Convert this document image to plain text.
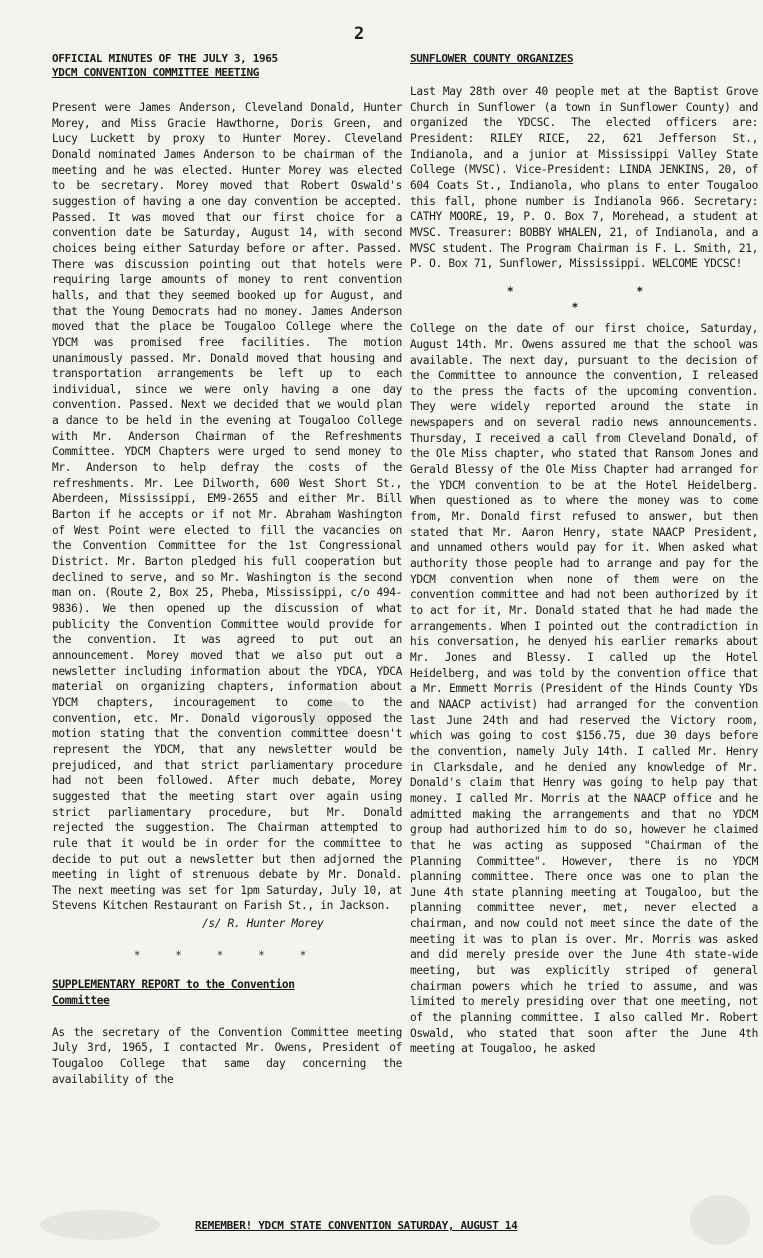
2
OFFICIAL MINUTES OF THE JULY 3, 1965
YDCM CONVENTION COMMITTEE MEETING

Present were James Anderson, Cleveland Donald, Hunter Morey, and Miss Gracie Hawthorne, Doris Green, and Lucy Luckett by proxy to Hunter Morey. Cleveland Donald nominated James Anderson to be chairman of the meeting and he was elected. Hunter Morey was elected to be secretary. Morey moved that Robert Oswald's suggestion of having a one day convention be accepted. Passed. It was moved that our first choice for a convention date be Saturday, August 14, with second choices being either Saturday before or after. Passed. There was discussion pointing out that hotels were requiring large amounts of money to rent convention halls, and that they seemed booked up for August, and that the Young Democrats had no money. James Anderson moved that the place be Tougaloo College where the YDCM was promised free facilities. The motion unanimously passed. Mr. Donald moved that housing and transportation arrangements be left up to each individual, since we were only having a one day convention. Passed. Next we decided that we would plan a dance to be held in the evening at Tougaloo College with Mr. Anderson Chairman of the Refreshments Committee. YDCM Chapters were urged to send money to Mr. Anderson to help defray the costs of the refreshments. Mr. Lee Dilworth, 600 West Short St., Aberdeen, Mississippi, EM9-2655 and either Mr. Bill Barton if he accepts or if not Mr. Abraham Washington of West Point were elected to fill the vacancies on the Convention Committee for the 1st Congressional District. Mr. Barton pledged his full cooperation but declined to serve, and so Mr. Washington is the second man on. (Route 2, Box 25, Pheba, Mississippi, c/o 494-9836). We then opened up the discussion of what publicity the Convention Committee would provide for the convention. It was agreed to put out an announcement. Morey moved that we also put out a newsletter including information about the YDCA, YDCA material on organizing chapters, information about YDCM chapters, incouragement to come to the convention, etc. Mr. Donald vigorously opposed the motion stating that the convention committee doesn't represent the YDCM, that any newsletter would be prejudiced, and that strict parliamentary procedure had not been followed. After much debate, Morey suggested that the meeting start over again using strict parliamentary procedure, but Mr. Donald rejected the suggestion. The Chairman attempted to rule that it would be in order for the committee to decide to put out a newsletter but then adjorned the meeting in light of strenuous debate by Mr. Donald. The next meeting was set for 1pm Saturday, July 10, at Stevens Kitchen Restaurant on Farish St., in Jackson.

/s/ R. Hunter Morey
* * * * *
SUPPLEMENTARY REPORT to the Convention
Committee

As the secretary of the Convention Committee meeting July 3rd, 1965, I contacted Mr. Owens, President of Tougaloo College that same day concerning the availability of the

SUNFLOWER COUNTY ORGANIZES

Last May 28th over 40 people met at the Baptist Grove Church in Sunflower (a town in Sunflower County) and organized the YDCSC. The elected officers are: President: RILEY RICE, 22, 621 Jefferson St., Indianola, and a junior at Mississippi Valley State College (MVSC). Vice-President: LINDA JENKINS, 20, of 604 Coats St., Indianola, who plans to enter Tougaloo this fall, phone number is Indianola 966. Secretary: CATHY MOORE, 19, P. O. Box 7, Morehead, a student at MVSC. Treasurer: BOBBY WHALEN, 21, of Indianola, and a MVSC student. The Program Chairman is F. L. Smith, 21, P. O. Box 71, Sunflower, Mississippi. WELCOME YDCSC!

* * *

College on the date of our first choice, Saturday, August 14th. Mr. Owens assured me that the school was available. The next day, pursuant to the decision of the Committee to announce the convention, I released to the press the facts of the upcoming convention. They were widely reported around the state in newspapers and on several radio news announcements. Thursday, I received a call from Cleveland Donald, of the Ole Miss chapter, who stated that Ransom Jones and Gerald Blessy of the Ole Miss Chapter had arranged for the YDCM convention to be at the Hotel Heidelberg. When questioned as to where the money was to come from, Mr. Donald first refused to answer, but then stated that Mr. Aaron Henry, state NAACP President, and unnamed others would pay for it. When asked what authority those people had to arrange and pay for the YDCM convention when none of them were on the convention committee and had not been authorized by it to act for it, Mr. Donald stated that he had made the arrangements. When I pointed out the contradiction in his conversation, he denyed his earlier remarks about Mr. Jones and Blessy. I called up the Hotel Heidelberg, and was told by the convention office that a Mr. Emmett Morris (President of the Hinds County YDs and NAACP activist) had arranged for the convention last June 24th and had reserved the Victory room, which was going to cost $156.75, due 30 days before the convention, namely July 14th. I called Mr. Henry in Clarksdale, and he denied any knowledge of Mr. Donald's claim that Henry was going to help pay that money. I called Mr. Morris at the NAACP office and he admitted making the arrangements and that no YDCM group had authorized him to do so, however he claimed that he was acting as supposed "Chairman of the Planning Committee". However, there is no YDCM planning committee. There once was one to plan the June 4th state planning meeting at Tougaloo, but the planning committee never, met, never elected a chairman, and now could not meet since the date of the meeting it was to plan is over. Mr. Morris was asked and did merely preside over the June 4th state-wide meeting, but was explicitly striped of general chairman powers which he tried to assume, and was limited to merely presiding over that one meeting, not of the planning committee. I also called Mr. Robert Oswald, who stated that soon after the June 4th meeting at Tougaloo, he asked

REMEMBER! YDCM STATE CONVENTION SATURDAY, AUGUST 14
